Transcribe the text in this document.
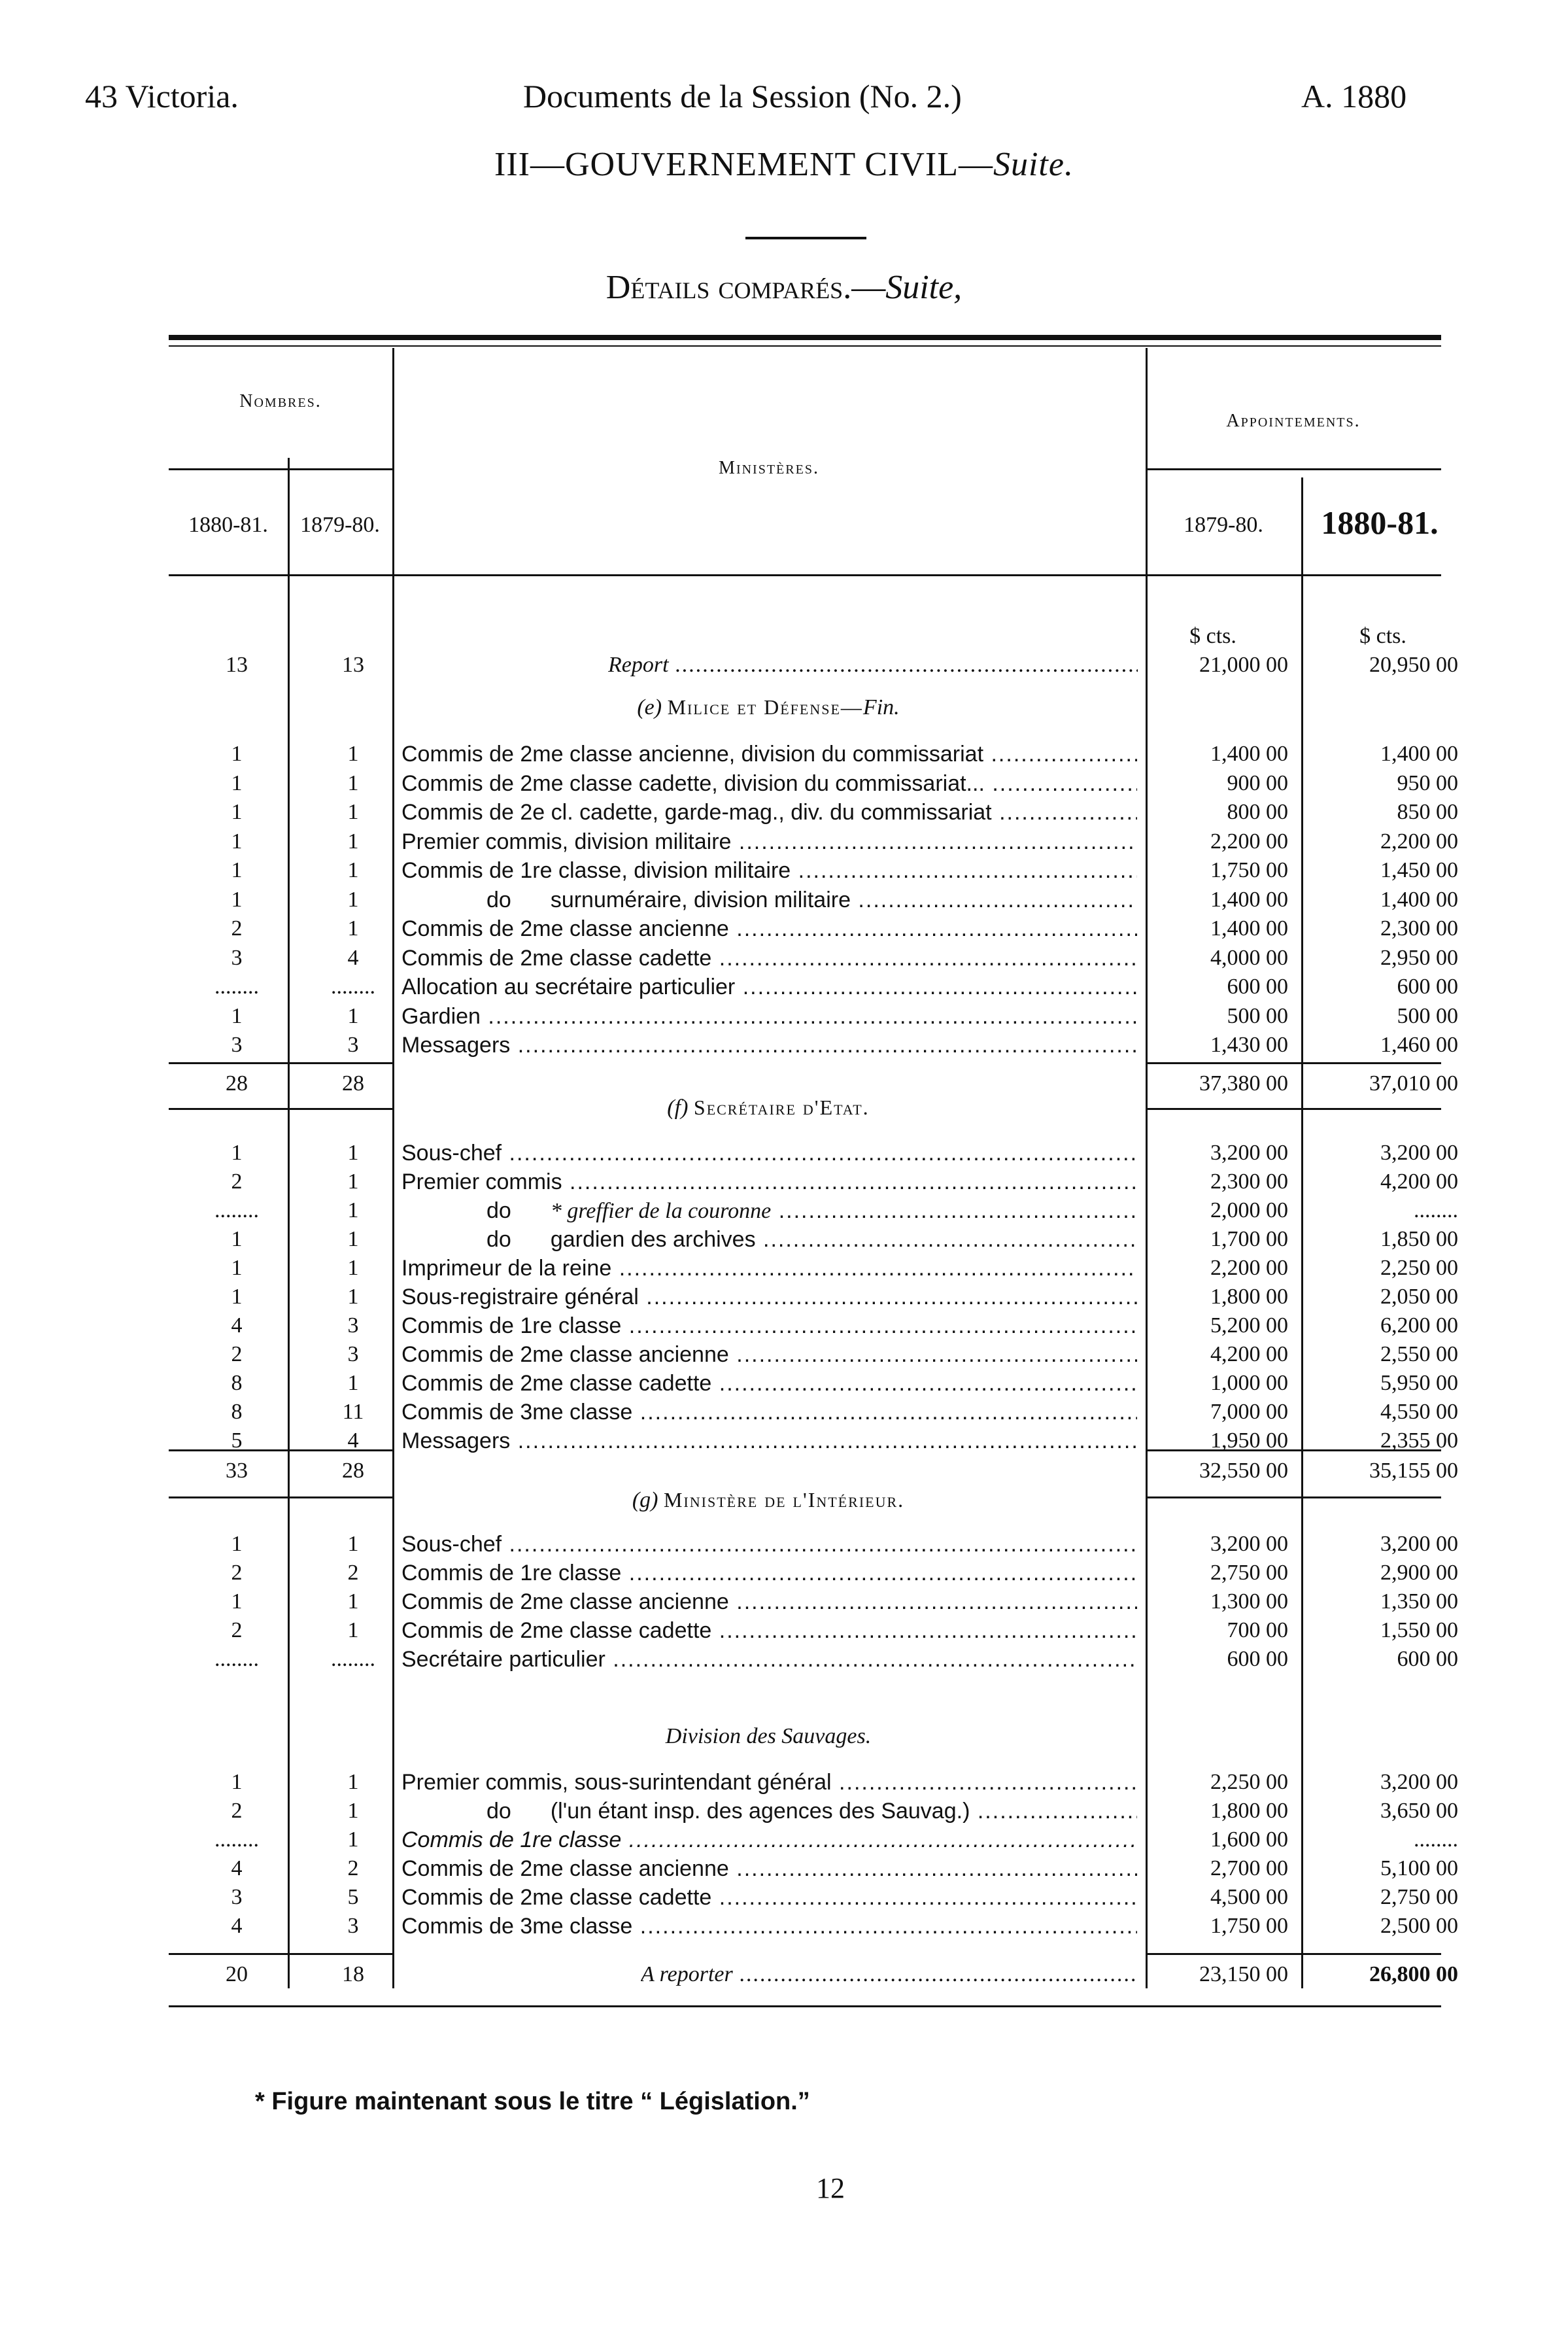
43 Victoria.	Documents de la Session (No. 2.)	A. 1880
III—GOUVERNEMENT CIVIL—Suite.
Détails comparés.—Suite,
Nombres.
Appointements.
Ministères.
1880-81.	1879-80.	1879-80.	1880-81.
$ cts.	$ cts.
13	13	Report .....	21,000 00	20,950 00
(e) Milice et Défense—Fin.
1	1	Commis de 2me classe ancienne, division du commissariat .....	1,400 00	1,400 00
1	1	Commis de 2me classe cadette, division du commissariat... .....	900 00	950 00
1	1	Commis de 2e cl. cadette, garde-mag., div. du commissariat .....	800 00	850 00
1	1	Premier commis, division militaire .....	2,200 00	2,200 00
1	1	Commis de 1re classe, division militaire .....	1,750 00	1,450 00
1	1	do surnuméraire, division militaire .....	1,400 00	1,400 00
2	1	Commis de 2me classe ancienne .....	1,400 00	2,300 00
3	4	Commis de 2me classe cadette .....	4,000 00	2,950 00
........	........	Allocation au secrétaire particulier .....	600 00	600 00
1	1	Gardien .....	500 00	500 00
3	3	Messagers .....	1,430 00	1,460 00
28	28	37,380 00	37,010 00
(f) Secrétaire d'Etat.
1	1	Sous-chef .....	3,200 00	3,200 00
2	1	Premier commis .....	2,300 00	4,200 00
........	1	do * greffier de la couronne .....	2,000 00	........
1	1	do gardien des archives .....	1,700 00	1,850 00
1	1	Imprimeur de la reine .....	2,200 00	2,250 00
1	1	Sous-registraire général .....	1,800 00	2,050 00
4	3	Commis de 1re classe .....	5,200 00	6,200 00
2	3	Commis de 2me classe ancienne .....	4,200 00	2,550 00
8	1	Commis de 2me classe cadette .....	1,000 00	5,950 00
8	11	Commis de 3me classe .....	7,000 00	4,550 00
5	4	Messagers .....	1,950 00	2,355 00
33	28	32,550 00	35,155 00
(g) Ministère de l'Intérieur.
1	1	Sous-chef .....	3,200 00	3,200 00
2	2	Commis de 1re classe .....	2,750 00	2,900 00
1	1	Commis de 2me classe ancienne .....	1,300 00	1,350 00
2	1	Commis de 2me classe cadette .....	700 00	1,550 00
........	........	Secrétaire particulier .....	600 00	600 00
Division des Sauvages.
1	1	Premier commis, sous-surintendant général .....	2,250 00	3,200 00
2	1	do (l'un étant insp. des agences des Sauvag.) .....	1,800 00	3,650 00
........	1	Commis de 1re classe .....	1,600 00	........
4	2	Commis de 2me classe ancienne .....	2,700 00	5,100 00
3	5	Commis de 2me classe cadette .....	4,500 00	2,750 00
4	3	Commis de 3me classe .....	1,750 00	2,500 00
20	18	A reporter .....	23,150 00	26,800 00
* Figure maintenant sous le titre “ Législation.”
12
